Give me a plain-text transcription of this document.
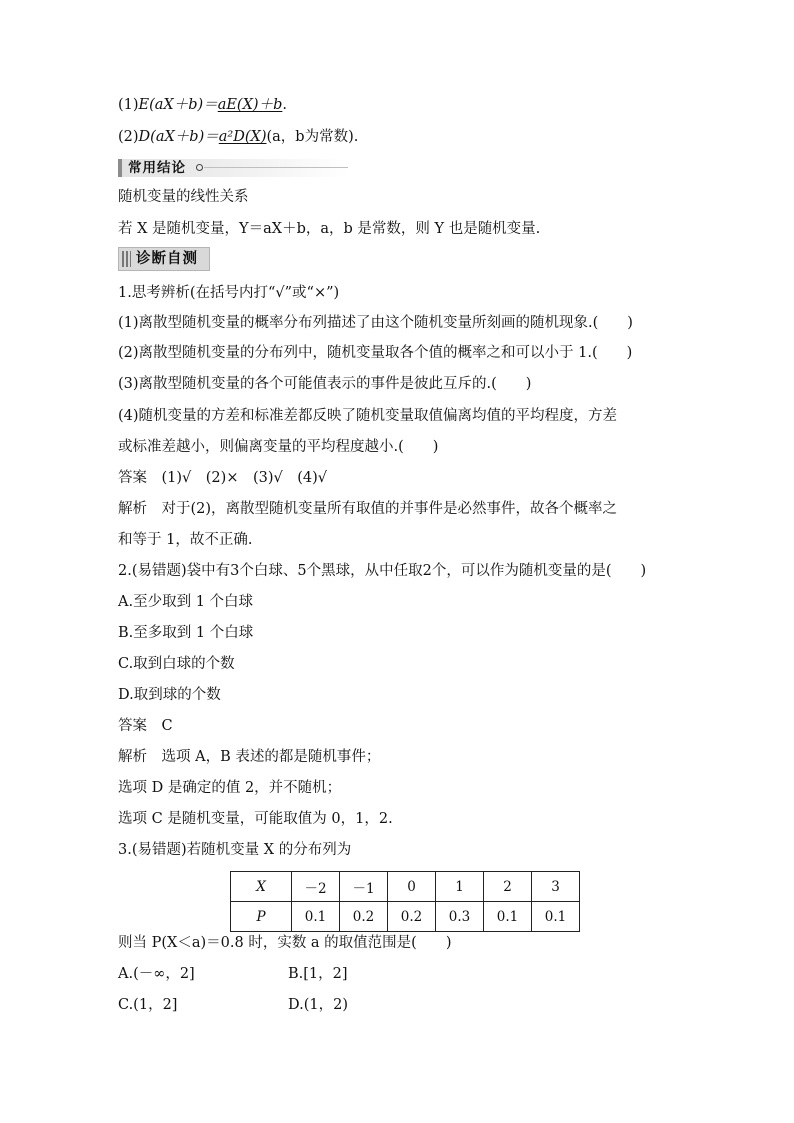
(1)E(aX＋b)＝aE(X)＋b.
(2)D(aX＋b)＝a²D(X)(a，b为常数).
常用结论
随机变量的线性关系
若 X 是随机变量，Y＝aX＋b，a，b 是常数，则 Y 也是随机变量.
诊断自测
1.思考辨析(在括号内打“√”或“×”)
(1)离散型随机变量的概率分布列描述了由这个随机变量所刻画的随机现象.(　　)
(2)离散型随机变量的分布列中，随机变量取各个值的概率之和可以小于 1.(　　)
(3)离散型随机变量的各个可能值表示的事件是彼此互斥的.(　　)
(4)随机变量的方差和标准差都反映了随机变量取值偏离均值的平均程度，方差
或标准差越小，则偏离变量的平均程度越小.(　　)
答案　(1)√　(2)×　(3)√　(4)√
解析　对于(2)，离散型随机变量所有取值的并事件是必然事件，故各个概率之
和等于 1，故不正确.
2.(易错题)袋中有3个白球、5个黑球，从中任取2个，可以作为随机变量的是(　　)
A.至少取到 1 个白球
B.至多取到 1 个白球
C.取到白球的个数
D.取到球的个数
答案　C
解析　选项 A，B 表述的都是随机事件；
选项 D 是确定的值 2，并不随机；
选项 C 是随机变量，可能取值为 0，1，2.
3.(易错题)若随机变量 X 的分布列为
X	－2	－1	0	1	2	3
P	0.1	0.2	0.2	0.3	0.1	0.1
则当 P(X＜a)＝0.8 时，实数 a 的取值范围是(　　)
A.(－∞，2]	B.[1，2]
C.(1，2]	D.(1，2)
